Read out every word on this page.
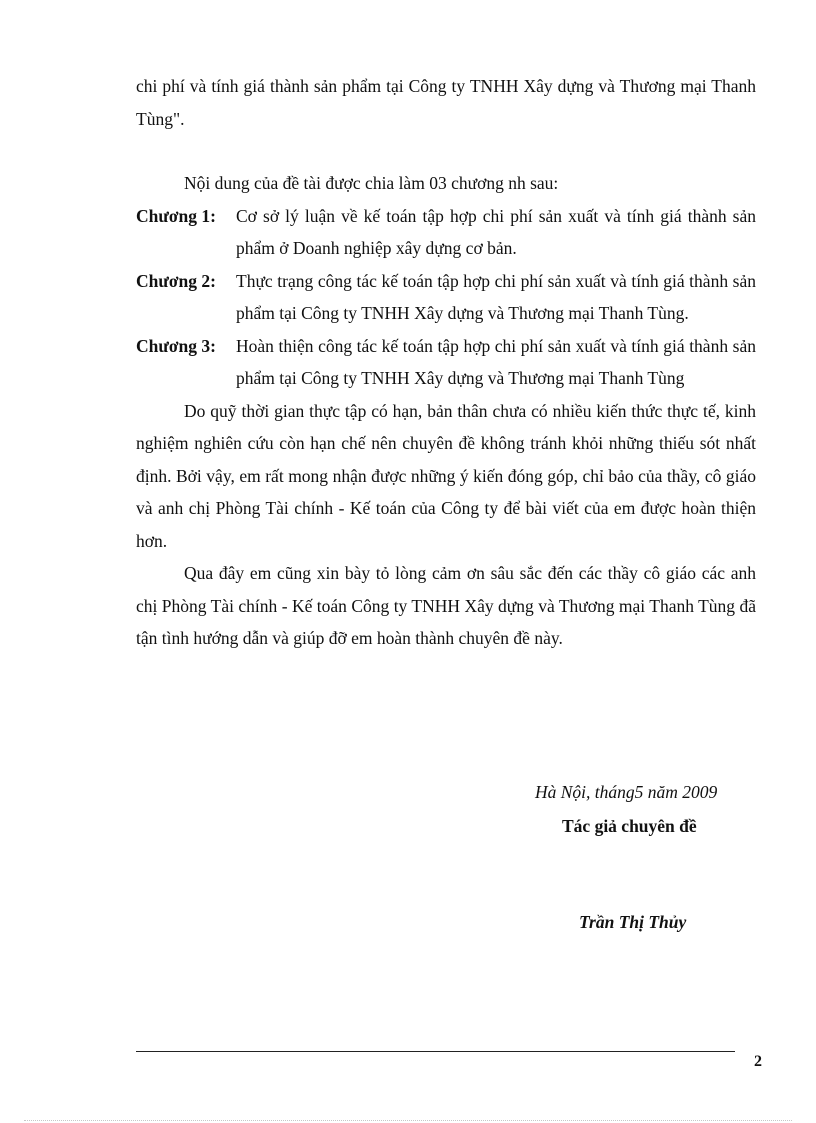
chi phí và tính giá thành sản phẩm tại Công ty TNHH Xây dựng và Thương mại Thanh Tùng".

Nội dung của đề tài được chia làm 03 chương nh sau:

Chương 1:	Cơ sở lý luận về kế toán tập hợp chi phí sản xuất và tính giá thành sản phẩm ở Doanh nghiệp xây dựng cơ bản.

Chương 2:	Thực trạng công tác kế toán tập hợp chi phí sản xuất và tính giá thành sản phẩm tại Công ty TNHH Xây dựng và Thương mại Thanh Tùng.

Chương 3:	Hoàn thiện công tác kế toán tập hợp chi phí sản xuất và tính giá thành sản phẩm tại Công ty TNHH Xây dựng và Thương mại Thanh Tùng

Do quỹ thời gian thực tập có hạn, bản thân chưa có nhiều kiến thức thực tế, kinh nghiệm nghiên cứu còn hạn chế nên chuyên đề không tránh khỏi những thiếu sót nhất định. Bởi vậy, em rất mong nhận được những ý kiến đóng góp, chỉ bảo của thầy, cô giáo và anh chị Phòng Tài chính - Kế toán của Công ty để bài viết của em được hoàn thiện hơn.

Qua đây em cũng xin bày tỏ lòng cảm ơn sâu sắc đến các thầy cô giáo các anh chị Phòng Tài chính - Kế toán Công ty TNHH Xây dựng và Thương mại Thanh Tùng đã tận tình hướng dẫn và giúp đỡ em hoàn thành chuyên đề này.

Hà Nội, tháng5 năm 2009
Tác giả chuyên đề
Trần Thị Thủy
2
